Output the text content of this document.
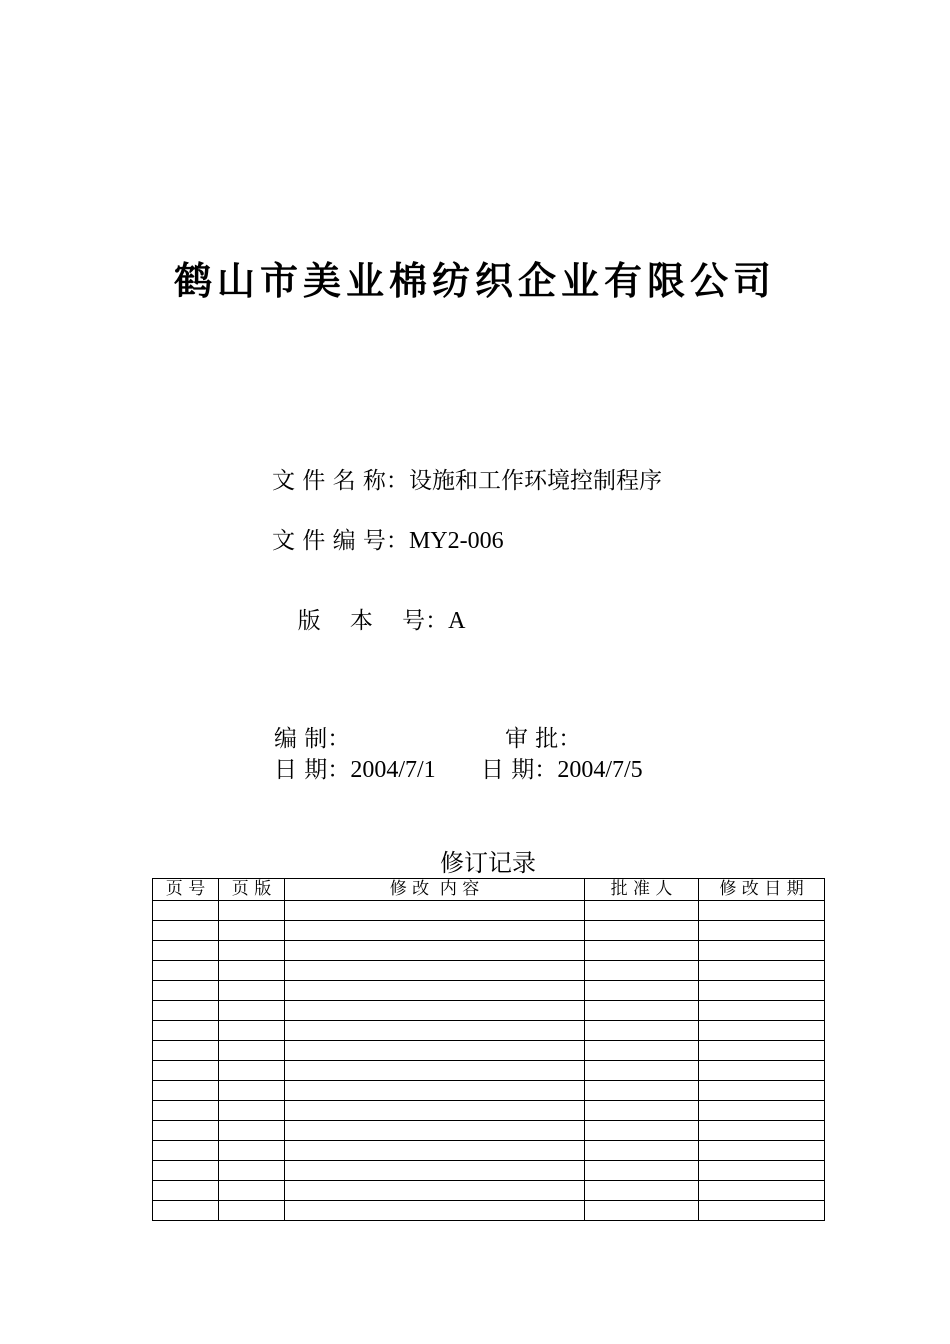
鹤山市美业棉纺织企业有限公司
文 件 名 称：设施和工作环境控制程序
文 件 编 号：MY2-006

版    本    号：A

编 制：	审 批：
日 期：2004/7/1 日 期：2004/7/5
修订记录
页 号	页 版	修 改  内 容	批 准 人	修 改 日 期
